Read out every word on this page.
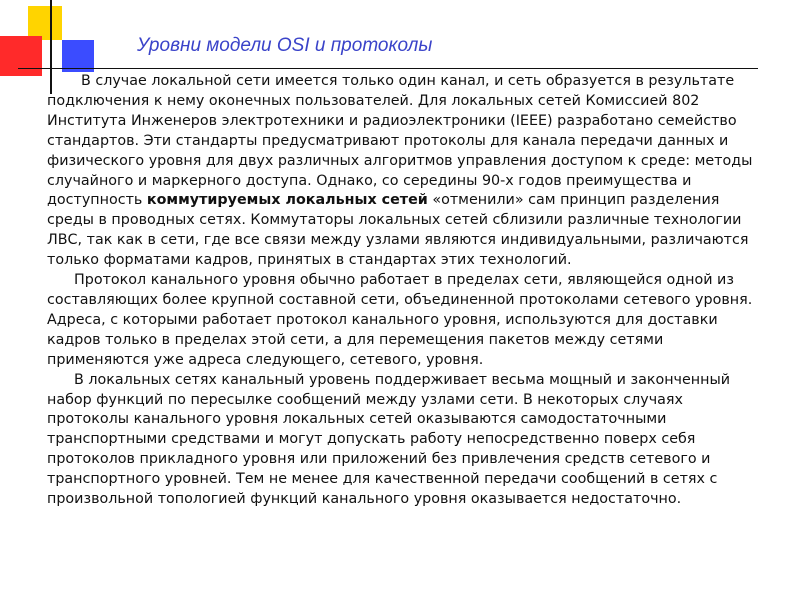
Уровни модели OSI и протоколы

В случае локальной сети имеется только один канал, и сеть образуется в результате подключения к нему оконечных пользователей. Для локальных сетей Комиссией 802 Института Инженеров электротехники и радиоэлектроники (IEEE) разработано семейство стандартов. Эти стандарты предусматривают протоколы для канала передачи данных и физического уровня для двух различных алгоритмов управления доступом к среде: методы случайного и маркерного доступа. Однако, со середины 90-х годов преимущества и доступность коммутируемых локальных сетей «отменили» сам принцип разделения среды в проводных сетях. Коммутаторы локальных сетей сблизили различные технологии ЛВС, так как в сети, где все связи между узлами являются индивидуальными, различаются только форматами кадров, принятых в стандартах этих технологий.

Протокол канального уровня обычно работает в пределах сети, являющейся одной из составляющих более крупной составной сети, объединенной протоколами сетевого уровня. Адреса, с которыми работает протокол канального уровня, используются для доставки кадров только в пределах этой сети, а для перемещения пакетов между сетями применяются уже адреса следующего, сетевого, уровня.

В локальных сетях канальный уровень поддерживает весьма мощный и законченный набор функций по пересылке сообщений между узлами сети. В некоторых случаях протоколы канального уровня локальных сетей оказываются самодостаточными транспортными средствами и могут допускать работу непосредственно поверх себя протоколов прикладного уровня или приложений без привлечения средств сетевого и транспортного уровней. Тем не менее для качественной передачи сообщений в сетях с произвольной топологией функций канального уровня оказывается недостаточно.
